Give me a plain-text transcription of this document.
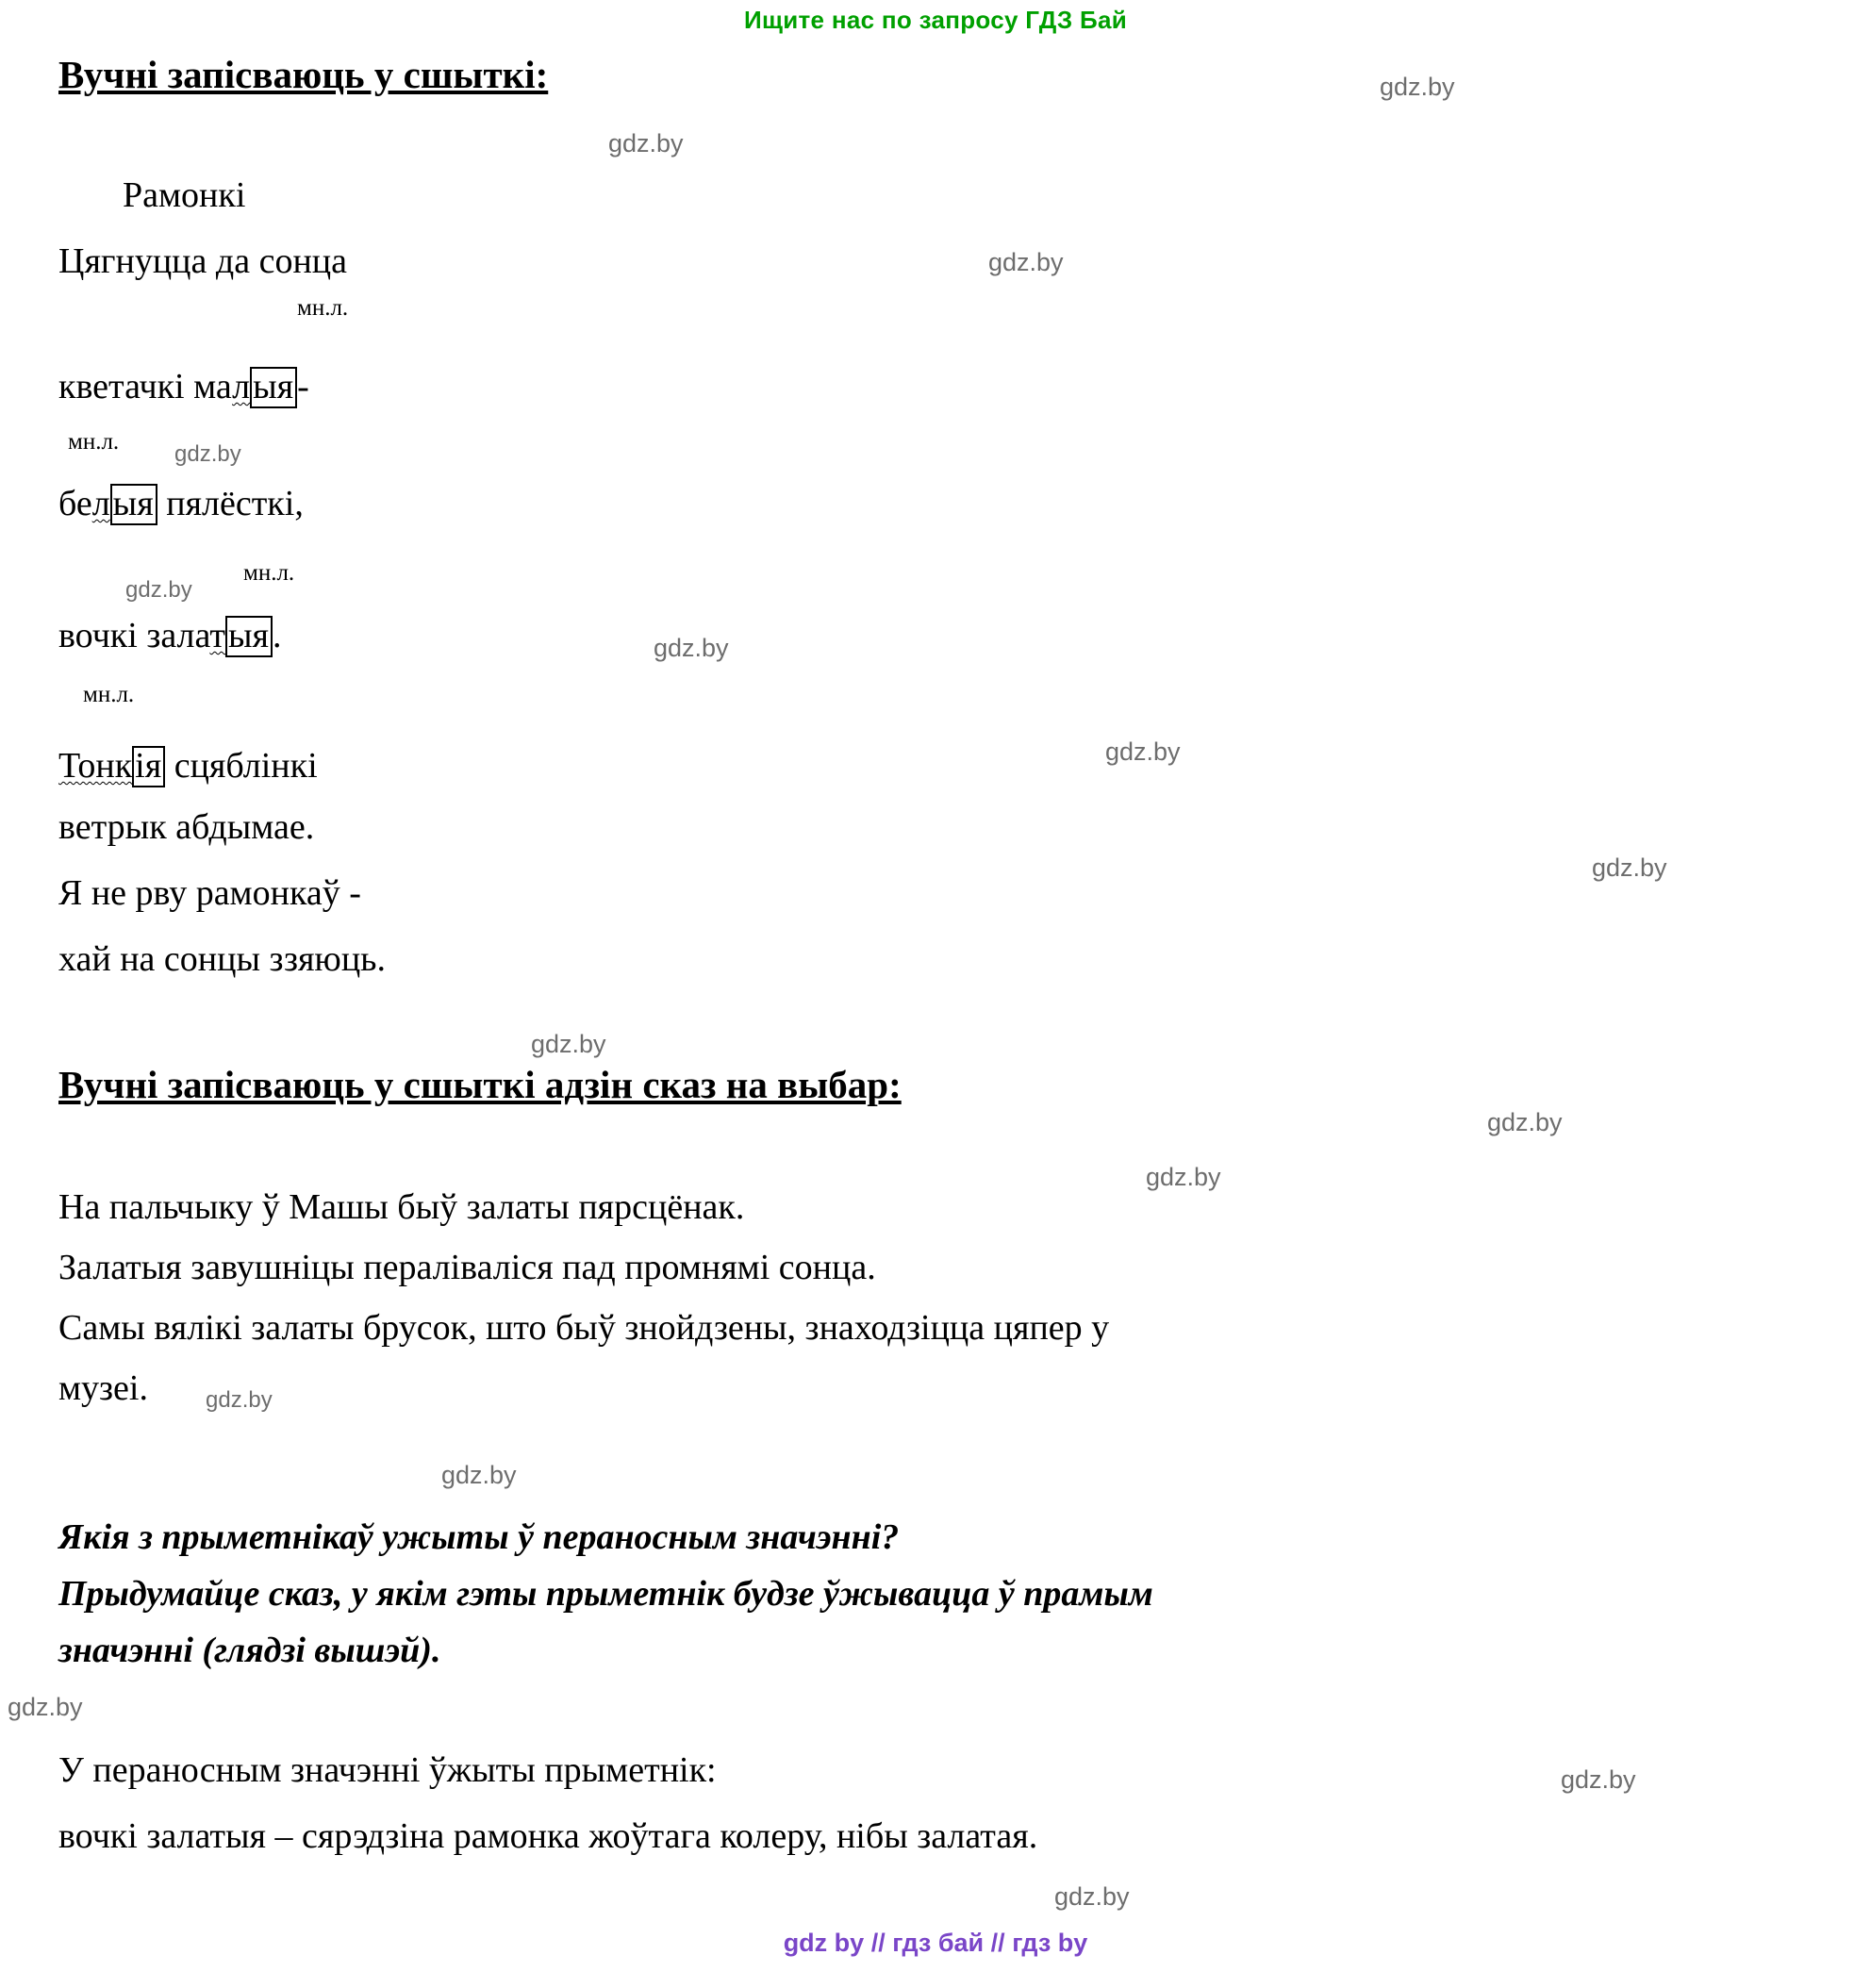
Ищите нас по запросу ГДЗ Бай
Вучні запісваюць у сшыткі:
Рамонкі
Цягнуцца да сонца
мн.л.
кветачкі малыя -
мн.л.
белыя пялёсткі,
мн.л.
вочкі залатыя .
мн.л.
Тонкія сцяблінкі
ветрык абдымае.
Я не рву рамонкаў -
хай на сонцы ззяюць.
Вучні запісваюць у сшыткі адзін сказ на выбар:
На пальчыку ў Машы быў залаты пярсцёнак.
Залатыя завушніцы пераліваліся пад промнямі сонца.
Самы вялікі залаты брусок, што быў знойдзены, знаходзіцца цяпер у
музеі.
Якія з прыметнікаў ужыты ў пераносным значэнні?
Прыдумайце сказ, у якім гэты прыметнік будзе ўжывацца ў прамым
значэнні (глядзі вышэй).
У пераносным значэнні ўжыты прыметнік:
вочкі залатыя – сярэдзіна рамонка жоўтага колеру, нібы залатая.
gdz.by
gdz.by
gdz.by
gdz.by
gdz.by
gdz.by
gdz.by
gdz.by
gdz.by
gdz.by
gdz.by
gdz.by
gdz.by
gdz.by
gdz.by
gdz.by
gdz by // гдз бай // гдз by
